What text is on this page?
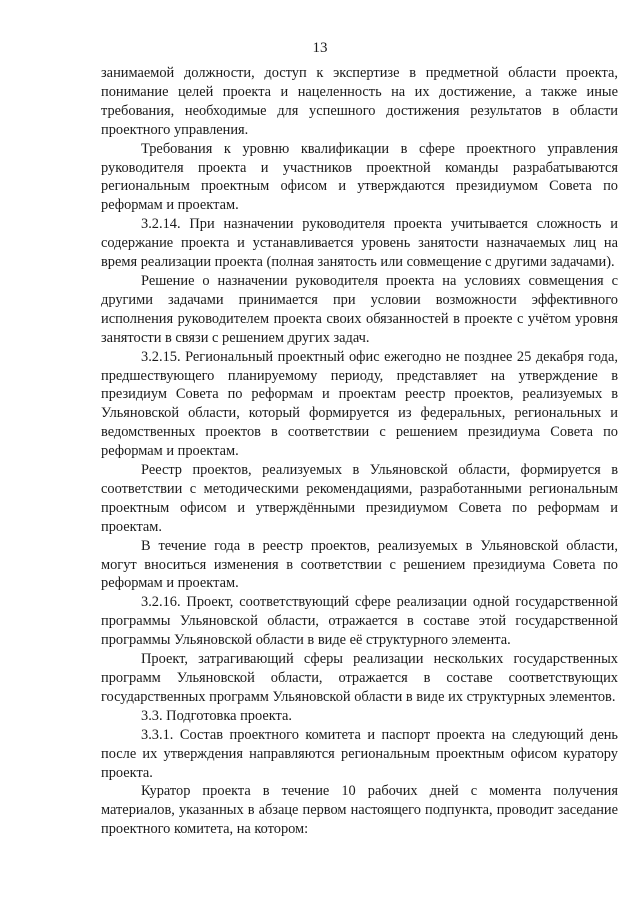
13

занимаемой должности, доступ к экспертизе в предметной области проекта, понимание целей проекта и нацеленность на их достижение, а также иные требования, необходимые для успешного достижения результатов в области проектного управления.

Требования к уровню квалификации в сфере проектного управления руководителя проекта и участников проектной команды разрабатываются региональным проектным офисом и утверждаются президиумом Совета по реформам и проектам.

3.2.14. При назначении руководителя проекта учитывается сложность и содержание проекта и устанавливается уровень занятости назначаемых лиц на время реализации проекта (полная занятость или совмещение с другими задачами).

Решение о назначении руководителя проекта на условиях совмещения с другими задачами принимается при условии возможности эффективного исполнения руководителем проекта своих обязанностей в проекте с учётом уровня занятости в связи с решением других задач.

3.2.15. Региональный проектный офис ежегодно не позднее 25 декабря года, предшествующего планируемому периоду, представляет на утверждение в президиум Совета по реформам и проектам реестр проектов, реализуемых в Ульяновской области, который формируется из федеральных, региональных и ведомственных проектов в соответствии с решением президиума Совета по реформам и проектам.

Реестр проектов, реализуемых в Ульяновской области, формируется в соответствии с методическими рекомендациями, разработанными региональным проектным офисом и утверждёнными президиумом Совета по реформам и проектам.

В течение года в реестр проектов, реализуемых в Ульяновской области, могут вноситься изменения в соответствии с решением президиума Совета по реформам и проектам.

3.2.16. Проект, соответствующий сфере реализации одной государственной программы Ульяновской области, отражается в составе этой государственной программы Ульяновской области в виде её структурного элемента.

Проект, затрагивающий сферы реализации нескольких государственных программ Ульяновской области, отражается в составе соответствующих государственных программ Ульяновской области в виде их структурных элементов.

3.3. Подготовка проекта.

3.3.1. Состав проектного комитета и паспорт проекта на следующий день после их утверждения направляются региональным проектным офисом куратору проекта.

Куратор проекта в течение 10 рабочих дней с момента получения материалов, указанных в абзаце первом настоящего подпункта, проводит заседание проектного комитета, на котором:
